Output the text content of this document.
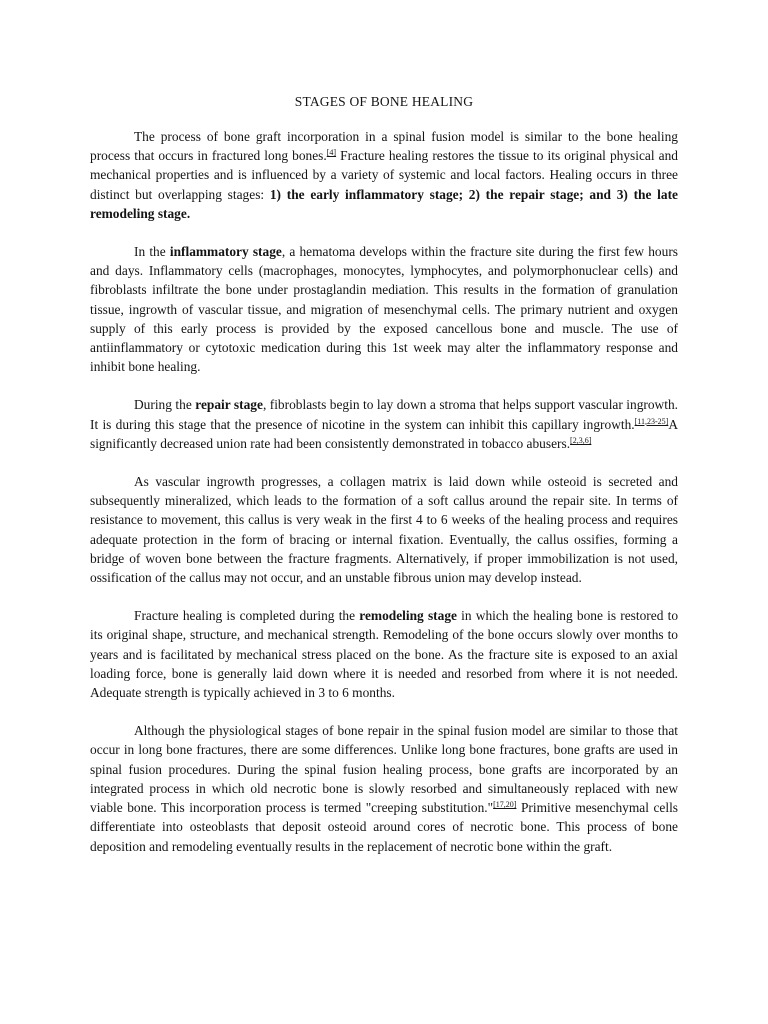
STAGES OF BONE HEALING

The process of bone graft incorporation in a spinal fusion model is similar to the bone healing process that occurs in fractured long bones.[4] Fracture healing restores the tissue to its original physical and mechanical properties and is influenced by a variety of systemic and local factors. Healing occurs in three distinct but overlapping stages: 1) the early inflammatory stage; 2) the repair stage; and 3) the late remodeling stage.

In the inflammatory stage, a hematoma develops within the fracture site during the first few hours and days. Inflammatory cells (macrophages, monocytes, lymphocytes, and polymorphonuclear cells) and fibroblasts infiltrate the bone under prostaglandin mediation. This results in the formation of granulation tissue, ingrowth of vascular tissue, and migration of mesenchymal cells. The primary nutrient and oxygen supply of this early process is provided by the exposed cancellous bone and muscle. The use of antiinflammatory or cytotoxic medication during this 1st week may alter the inflammatory response and inhibit bone healing.

During the repair stage, fibroblasts begin to lay down a stroma that helps support vascular ingrowth. It is during this stage that the presence of nicotine in the system can inhibit this capillary ingrowth.[11,23-25]A significantly decreased union rate had been consistently demonstrated in tobacco abusers.[2,3,6]

As vascular ingrowth progresses, a collagen matrix is laid down while osteoid is secreted and subsequently mineralized, which leads to the formation of a soft callus around the repair site. In terms of resistance to movement, this callus is very weak in the first 4 to 6 weeks of the healing process and requires adequate protection in the form of bracing or internal fixation. Eventually, the callus ossifies, forming a bridge of woven bone between the fracture fragments. Alternatively, if proper immobilization is not used, ossification of the callus may not occur, and an unstable fibrous union may develop instead.

Fracture healing is completed during the remodeling stage in which the healing bone is restored to its original shape, structure, and mechanical strength. Remodeling of the bone occurs slowly over months to years and is facilitated by mechanical stress placed on the bone. As the fracture site is exposed to an axial loading force, bone is generally laid down where it is needed and resorbed from where it is not needed. Adequate strength is typically achieved in 3 to 6 months.

Although the physiological stages of bone repair in the spinal fusion model are similar to those that occur in long bone fractures, there are some differences. Unlike long bone fractures, bone grafts are used in spinal fusion procedures. During the spinal fusion healing process, bone grafts are incorporated by an integrated process in which old necrotic bone is slowly resorbed and simultaneously replaced with new viable bone. This incorporation process is termed "creeping substitution."[17,20] Primitive mesenchymal cells differentiate into osteoblasts that deposit osteoid around cores of necrotic bone. This process of bone deposition and remodeling eventually results in the replacement of necrotic bone within the graft.
